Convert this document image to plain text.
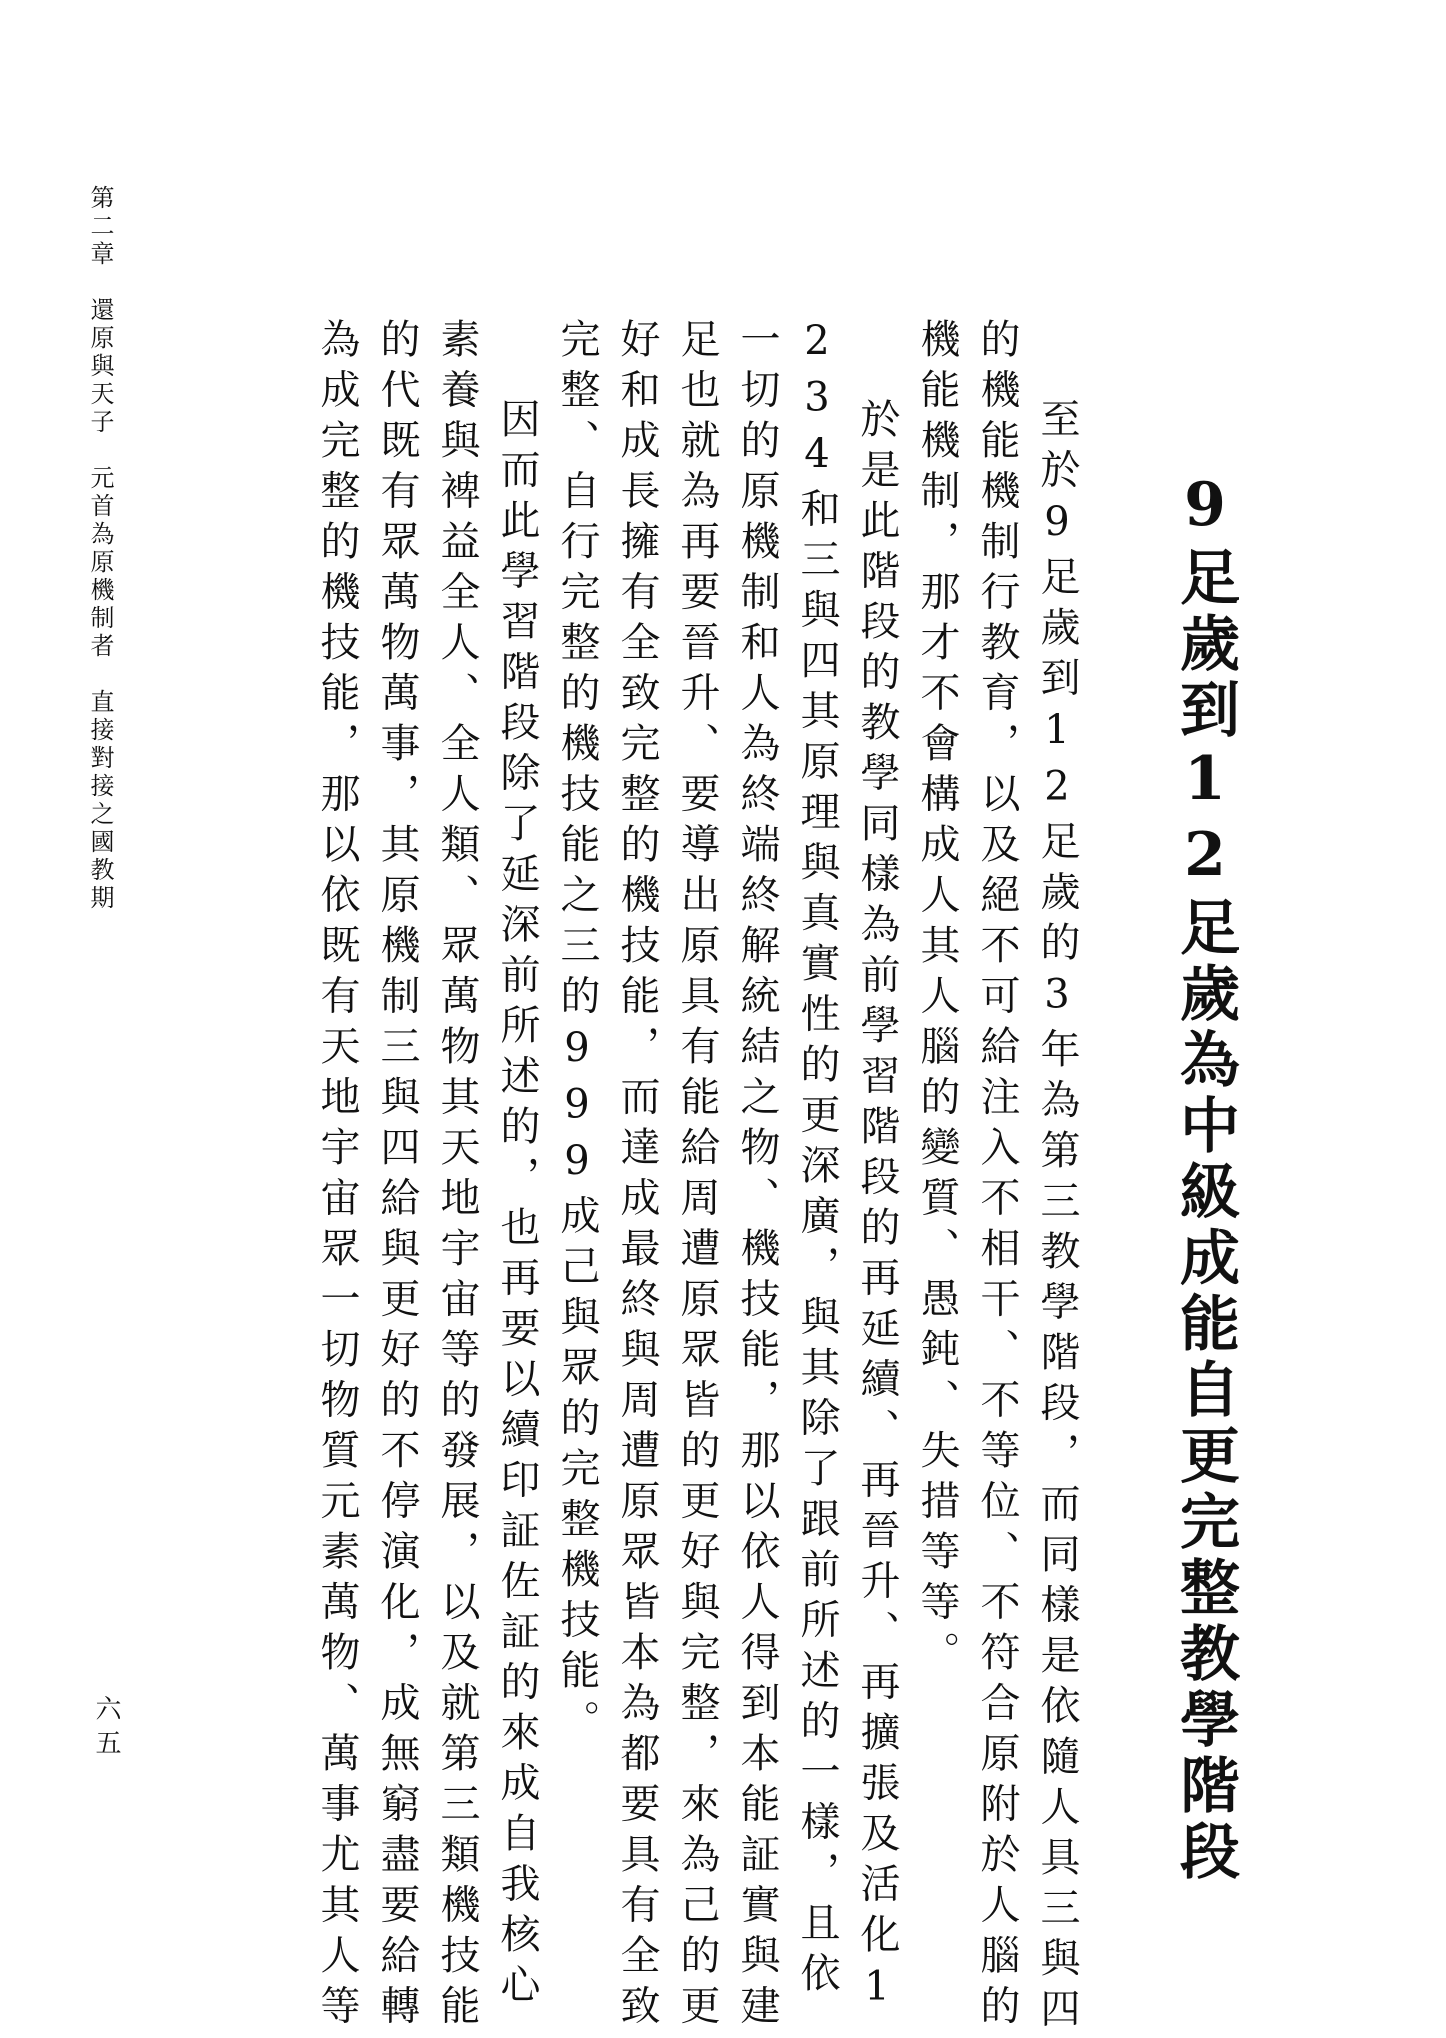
9足歲到12足歲為中級成能自更完整教學階段
至於9足歲到12足歲的3年為第三教學階段，而同樣是依隨人具三與四
的機能機制行教育，以及絕不可給注入不相干、不等位、不符合原附於人腦的
機能機制，那才不會構成人其人腦的變質、愚鈍、失措等等。
於是此階段的教學同樣為前學習階段的再延續、再晉升、再擴張及活化1
234和三與四其原理與真實性的更深廣，與其除了跟前所述的一樣，且依
一切的原機制和人為終端終解統結之物、機技能，那以依人得到本能証實與建
足也就為再要晉升、要導出原具有能給周遭原眾皆的更好與完整，來為己的更
好和成長擁有全致完整的機技能，而達成最終與周遭原眾皆本為都要具有全致
完整、自行完整的機技能之三的999成己與眾的完整機技能。
因而此學習階段除了延深前所述的，也再要以續印証佐証的來成自我核心
素養與裨益全人、全人類、眾萬物其天地宇宙等的發展，以及就第三類機技能
的代既有眾萬物萬事，其原機制三與四給與更好的不停演化，成無窮盡要給轉
為成完整的機技能，那以依既有天地宇宙眾一切物質元素萬物、萬事尤其人等
第二章　還原與天子　元首為原機制者　直接對接之國教期
六五
